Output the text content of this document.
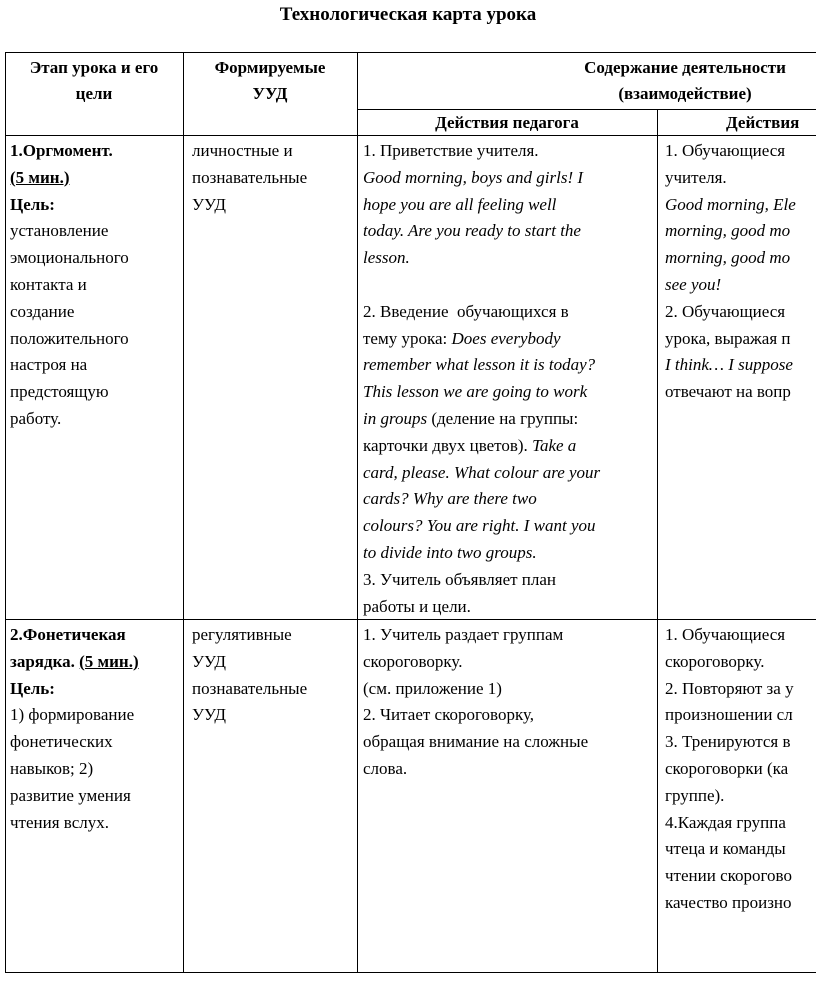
Технологическая карта урока
Этап урока и его
цели
Формируемые
УУД
Содержание деятельности
(взаимодействие)
Действия педагога	Действия
1.Оргмомент.
(5 мин.)
Цель:
установление
эмоционального
контакта и
создание
положительного
настроя на
предстоящую
работу.
личностные и
познавательные
УУД
1. Приветствие учителя.
Good morning, boys and girls! I
hope you are all feeling well
today. Are you ready to start the
lesson.

2. Введение  обучающихся в
тему урока: Does everybody
remember what lesson it is today?
This lesson we are going to work
in groups (деление на группы:
карточки двух цветов). Take a
card, please. What colour are your
cards? Why are there two
colours? You are right. I want you
to divide into two groups.
3. Учитель объявляет план
работы и цели.
1. Обучающиеся
учителя.
Good morning, Ele
morning, good mo
morning, good mo
see you!
2. Обучающиеся
урока, выражая п
I think… I suppose
отвечают на вопр
2.Фонетичекая
зарядка. (5 мин.)
Цель:
1) формирование
фонетических
навыков; 2)
развитие умения
чтения вслух.
регулятивные
УУД
познавательные
УУД
1. Учитель раздает группам
скороговорку.
(см. приложение 1)
2. Читает скороговорку,
обращая внимание на сложные
слова.
1. Обучающиеся
скороговорку.
2. Повторяют за у
произношении сл
3. Тренируются в
скороговорки (ка
группе).
4.Каждая группа
чтеца и команды
чтении скорогово
качество произно
